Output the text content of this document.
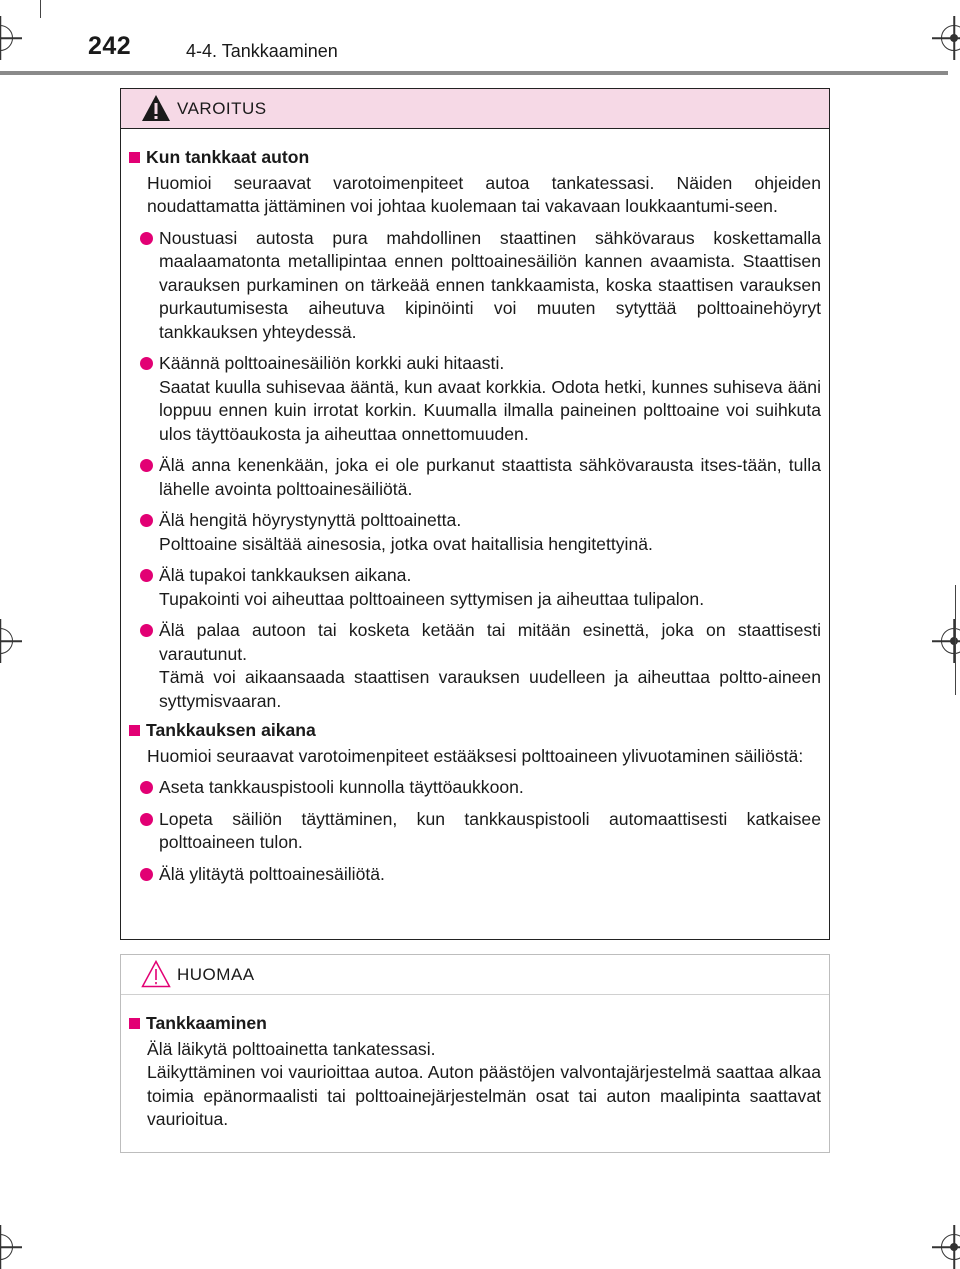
242	4-4. Tankkaaminen
VAROITUS
Kun tankkaat auton
Huomioi seuraavat varotoimenpiteet autoa tankatessasi. Näiden ohjeiden noudattamatta jättäminen voi johtaa kuolemaan tai vakavaan loukkaantumi-seen.

Noustuasi autosta pura mahdollinen staattinen sähkövaraus koskettamalla maalaamatonta metallipintaa ennen polttoainesäiliön kannen avaamista. Staattisen varauksen purkaminen on tärkeää ennen tankkaamista, koska staattisen varauksen purkautumisesta aiheutuva kipinöinti voi muuten sytyttää polttoainehöyryt tankkauksen yhteydessä.

Käännä polttoainesäiliön korkki auki hitaasti.

Saatat kuulla suhisevaa ääntä, kun avaat korkkia. Odota hetki, kunnes suhiseva ääni loppuu ennen kuin irrotat korkin. Kuumalla ilmalla paineinen polttoaine voi suihkuta ulos täyttöaukosta ja aiheuttaa onnettomuuden.

Älä anna kenenkään, joka ei ole purkanut staattista sähkövarausta itses-tään, tulla lähelle avointa polttoainesäiliötä.

Älä hengitä höyrystynyttä polttoainetta.

Polttoaine sisältää ainesosia, jotka ovat haitallisia hengitettyinä.

Älä tupakoi tankkauksen aikana.

Tupakointi voi aiheuttaa polttoaineen syttymisen ja aiheuttaa tulipalon.

Älä palaa autoon tai kosketa ketään tai mitään esinettä, joka on staattisesti varautunut.

Tämä voi aikaansaada staattisen varauksen uudelleen ja aiheuttaa poltto-aineen syttymisvaaran.

Tankkauksen aikana
Huomioi seuraavat varotoimenpiteet estääksesi polttoaineen ylivuotaminen säiliöstä:

Aseta tankkauspistooli kunnolla täyttöaukkoon.

Lopeta säiliön täyttäminen, kun tankkauspistooli automaattisesti katkaisee polttoaineen tulon.

Älä ylitäytä polttoainesäiliötä.

HUOMAA
Tankkaaminen
Älä läikytä polttoainetta tankatessasi.
Läikyttäminen voi vaurioittaa autoa. Auton päästöjen valvontajärjestelmä saattaa alkaa toimia epänormaalisti tai polttoainejärjestelmän osat tai auton maalipinta saattavat vaurioitua.
